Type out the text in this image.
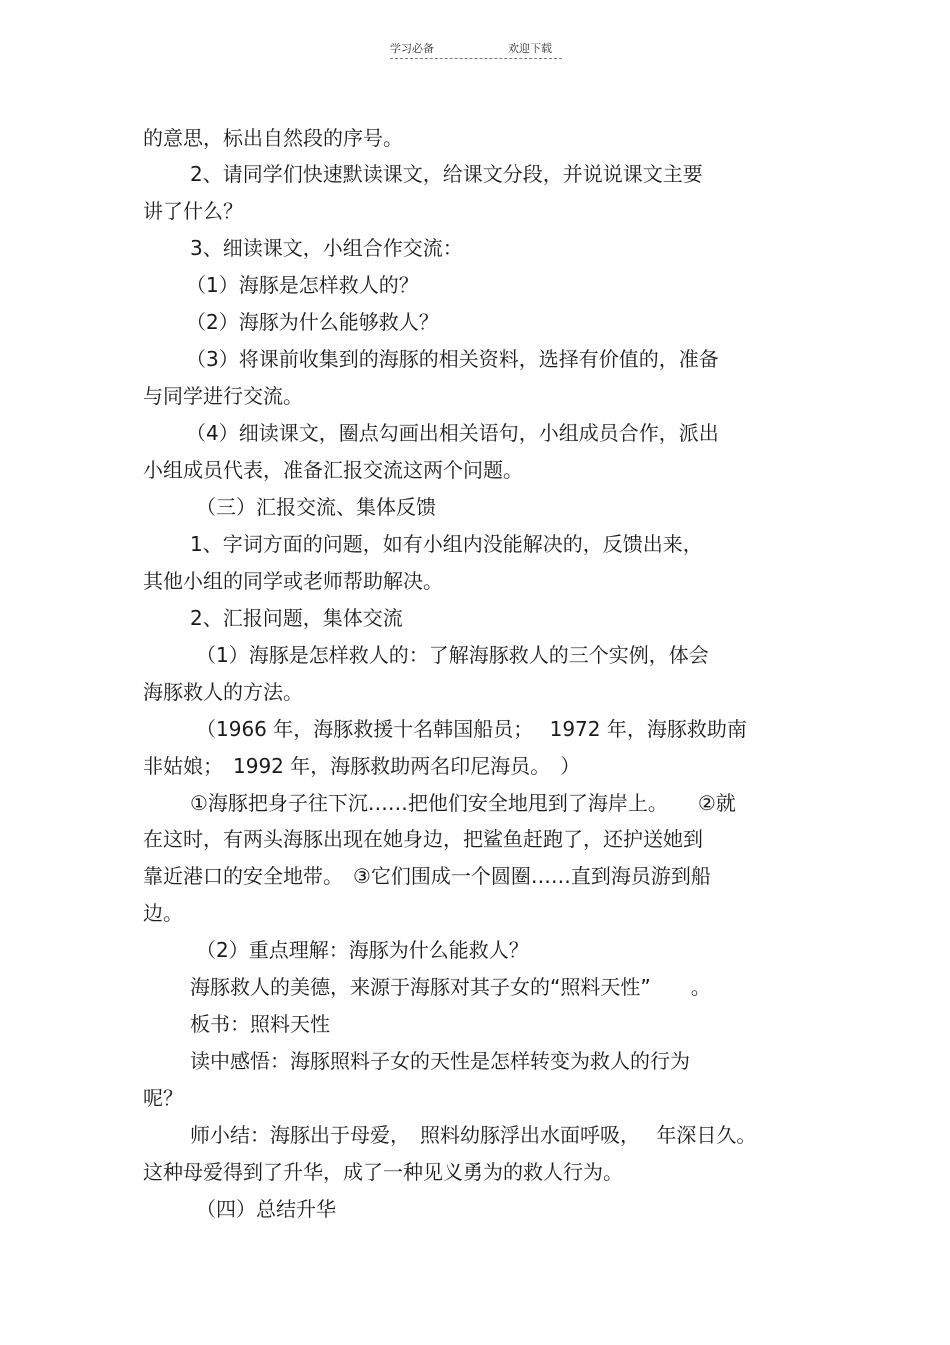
学习必备	欢迎下载
的意思，标出自然段的序号。
2、请同学们快速默读课文，给课文分段，并说说课文主要
讲了什么？
3、细读课文，小组合作交流：
（1）海豚是怎样救人的？
（2）海豚为什么能够救人？
（3）将课前收集到的海豚的相关资料，选择有价值的，准备
与同学进行交流。
（4）细读课文，圈点勾画出相关语句，小组成员合作，派出
小组成员代表，准备汇报交流这两个问题。
（三）汇报交流、集体反馈
1、字词方面的问题，如有小组内没能解决的，反馈出来，
其他小组的同学或老师帮助解决。
2、汇报问题，集体交流
（1）海豚是怎样救人的：了解海豚救人的三个实例，体会
海豚救人的方法。
（1966 年，海豚救援十名韩国船员；　 1972 年，海豚救助南
非姑娘；　1992 年，海豚救助两名印尼海员。　）
①海豚把身子往下沉……把他们安全地甩到了海岸上。　　②就
在这时，有两头海豚出现在她身边，把鲨鱼赶跑了，还护送她到
靠近港口的安全地带。　③它们围成一个圆圈……直到海员游到船
边。
（2）重点理解：海豚为什么能救人？
海豚救人的美德，来源于海豚对其子女的“照料天性”　　。
板书：照料天性
读中感悟：海豚照料子女的天性是怎样转变为救人的行为
呢？
师小结：海豚出于母爱，　照料幼豚浮出水面呼吸，　 年深日久。
这种母爱得到了升华，成了一种见义勇为的救人行为。
（四）总结升华
